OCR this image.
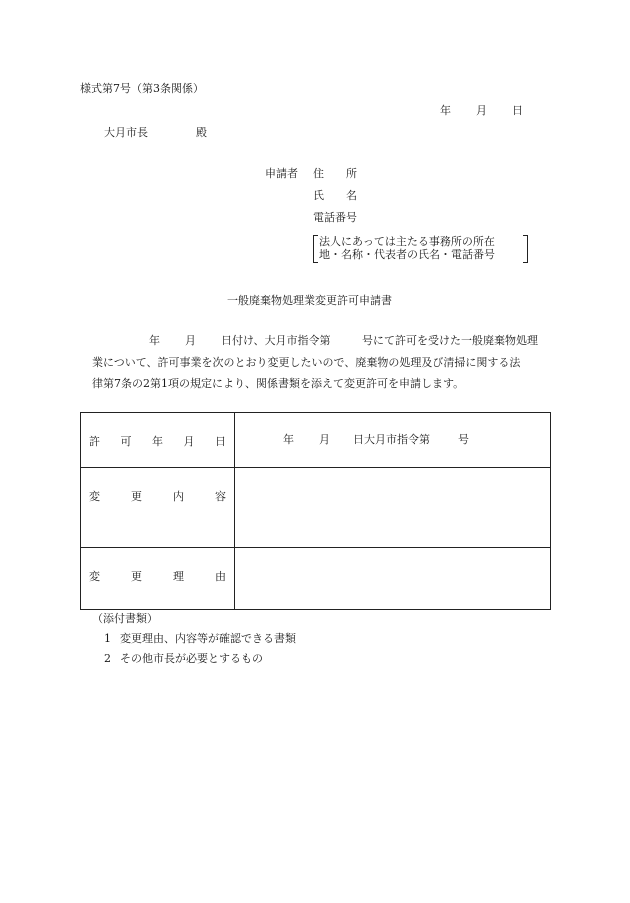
様式第7号（第3条関係）
年 月 日
大月市長	殿
申請者 住　　所
氏　　名
電話番号
法人にあっては主たる事務所の所在
地・名称・代表者の氏名・電話番号
一般廃棄物処理業変更許可申請書
年 月 日付け、大月市指令第	号にて許可を受けた一般廃棄物処理
業について、許可事業を次のとおり変更したいので、廃棄物の処理及び清掃に関する法
律第7条の2第1項の規定により、関係書類を添えて変更許可を申請します。
許 可 年 月 日	年 月 日大月市指令第 号

変 更 内 容	

変 更 理 由	

（添付書類）
1 変更理由、内容等が確認できる書類
2 その他市長が必要とするもの
